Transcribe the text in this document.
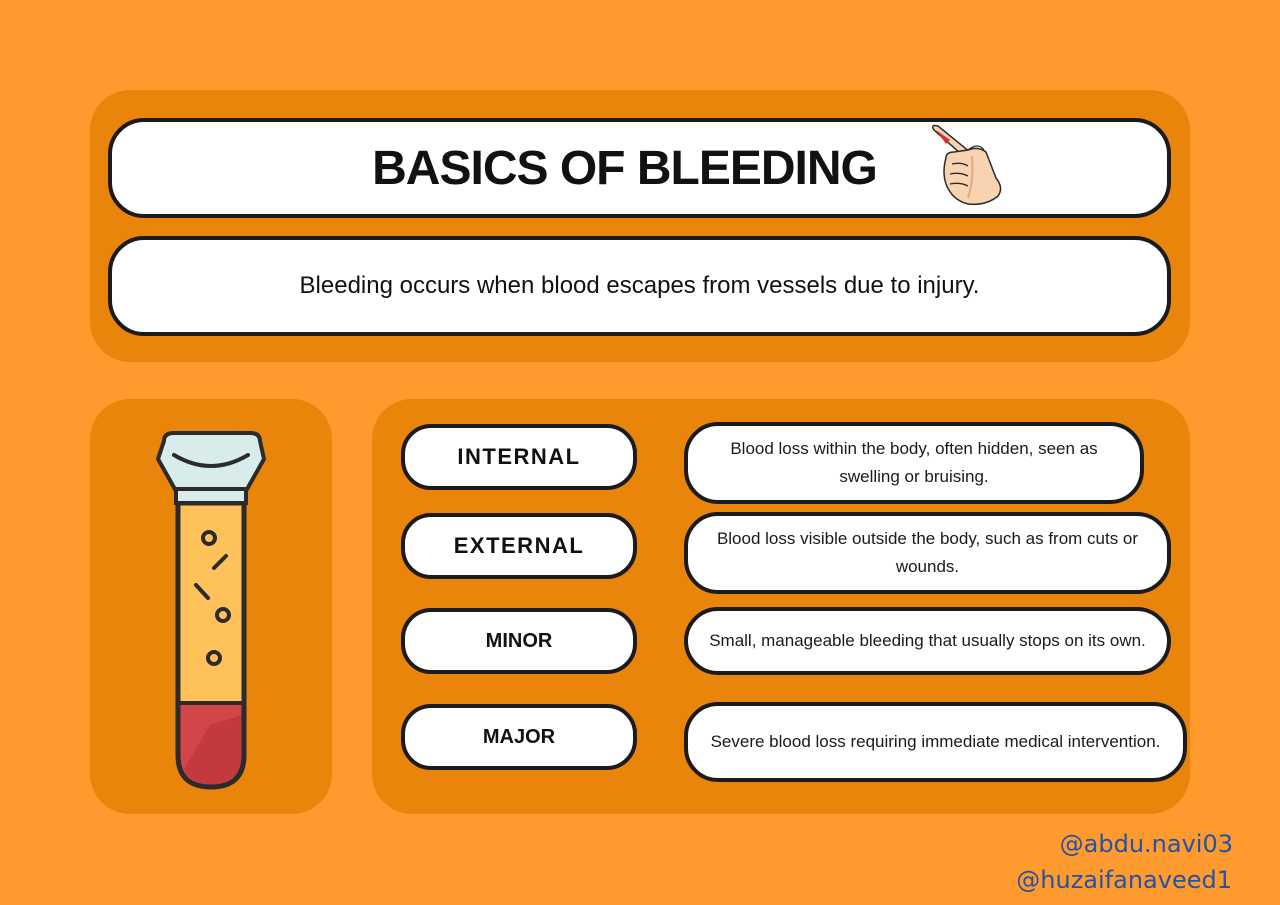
BASICS OF BLEEDING
Bleeding occurs when blood escapes from vessels due to injury.
INTERNAL	Blood loss within the body, often hidden, seen as swelling or bruising.
EXTERNAL	Blood loss visible outside the body, such as from cuts or wounds.
MINOR	Small, manageable bleeding that usually stops on its own.
MAJOR	Severe blood loss requiring immediate medical intervention.
@abdu.navi03
@huzaifanaveed1
